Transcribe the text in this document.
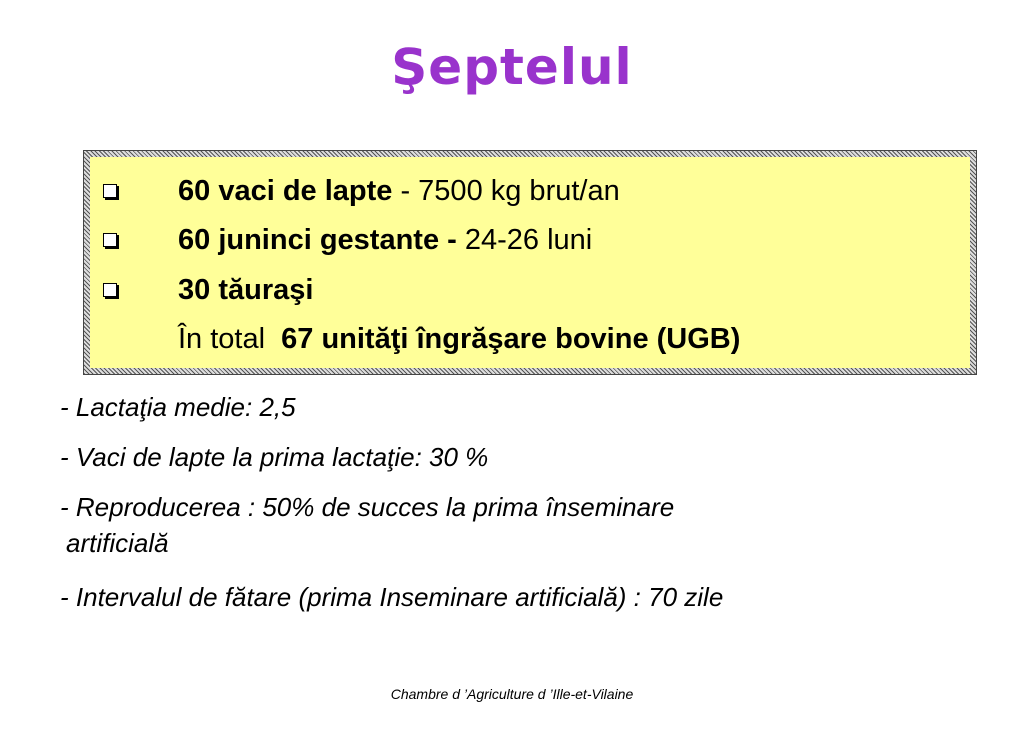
Şeptelul
60 vaci de lapte - 7500 kg brut/an
60 juninci gestante - 24-26 luni
30 tăuraşi
În total 67 unităţi îngrăşare bovine (UGB)
- Lactaţia medie: 2,5
- Vaci de lapte la prima lactaţie: 30 %
- Reproducerea : 50% de succes la prima înseminare
artificială
- Intervalul de fătare (prima Inseminare artificială) : 70 zile
Chambre d ’Agriculture d ’Ille-et-Vilaine
